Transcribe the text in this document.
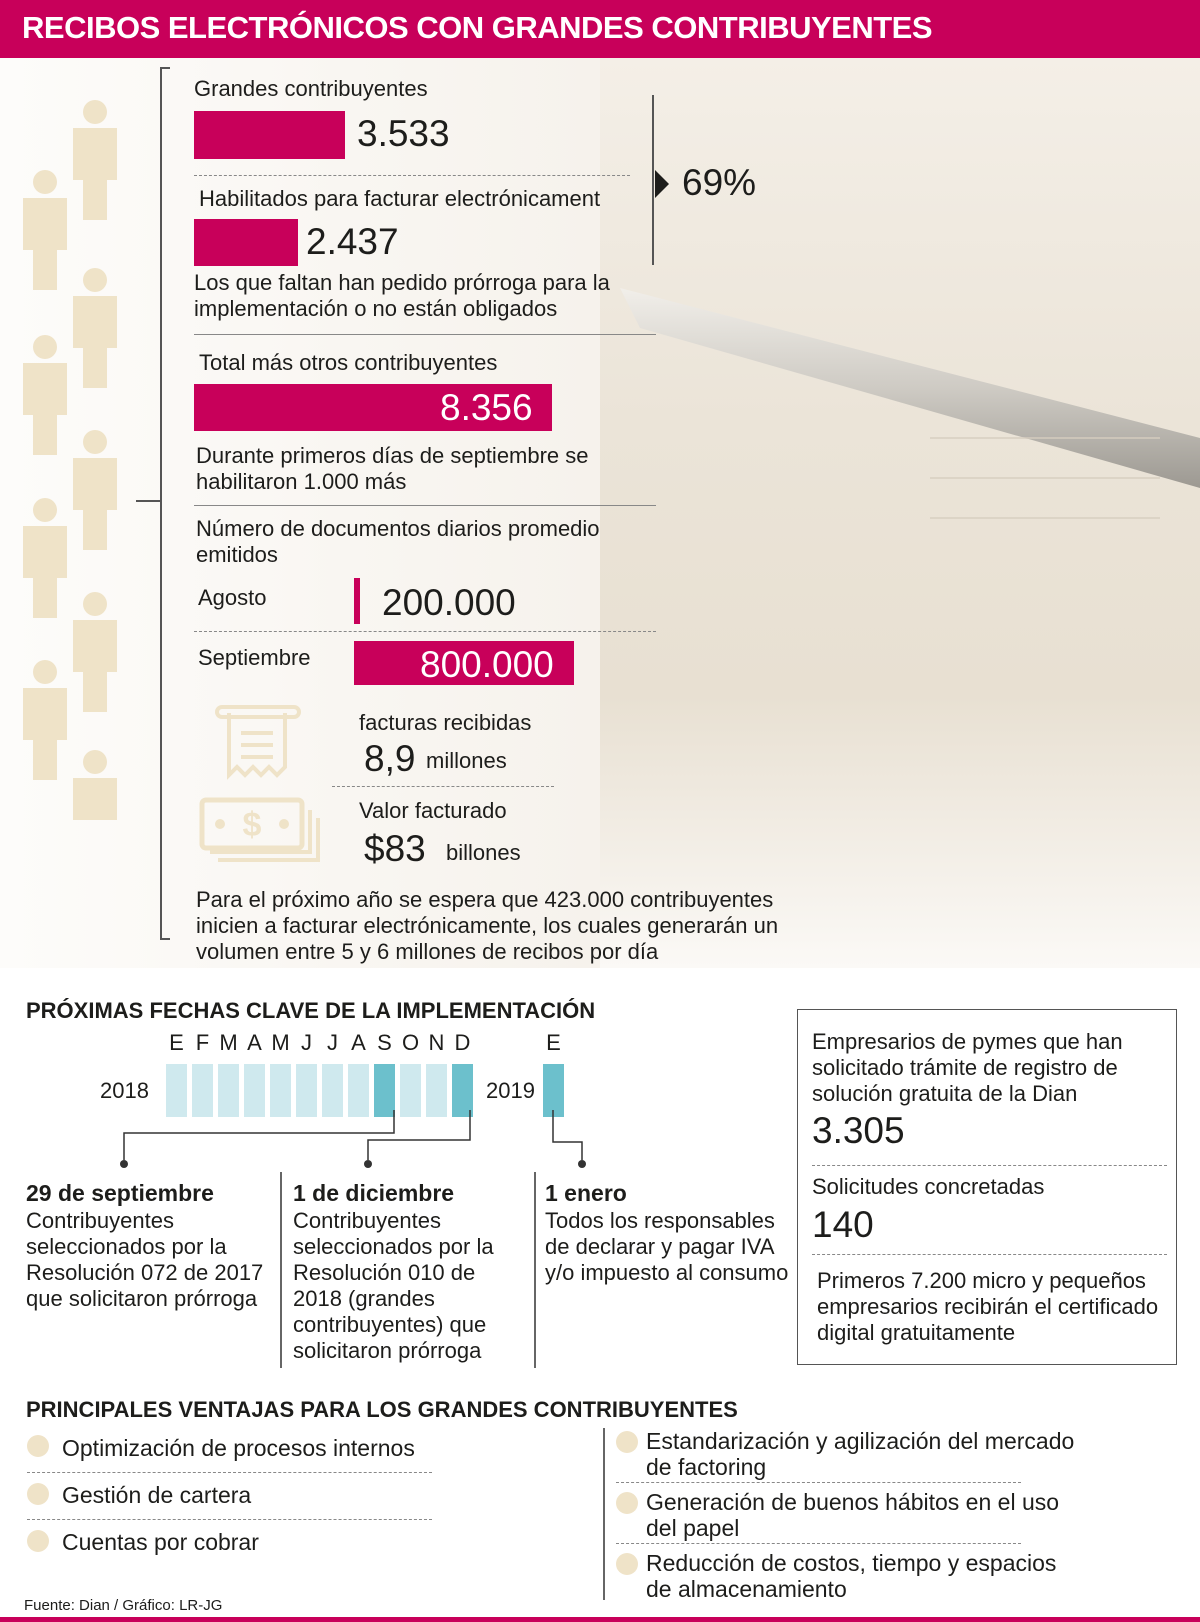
RECIBOS ELECTRÓNICOS CON GRANDES CONTRIBUYENTES
Grandes contribuyentes
3.533
Habilitados para facturar electrónicament
2.437
69%
Los que faltan han pedido prórroga para la implementación o no están obligados
Total más otros contribuyentes
8.356
Durante primeros días de septiembre se habilitaron 1.000 más
Número de documentos diarios promedio emitidos
Agosto	200.000
Septiembre	800.000
facturas recibidas
8,9 millones
$	Valor facturado
$83 billones
Para el próximo año se espera que 423.000 contribuyentes inicien a facturar electrónicamente, los cuales generarán un volumen entre 5 y 6 millones de recibos por día
PRÓXIMAS FECHAS CLAVE DE LA IMPLEMENTACIÓN
2018	2019
E F M A M J J A S O N D	E
29 de septiembre
Contribuyentes seleccionados por la Resolución 072 de 2017 que solicitaron prórroga
1 de diciembre
Contribuyentes seleccionados por la Resolución 010 de 2018 (grandes contribuyentes) que solicitaron prórroga
1 enero
Todos los responsables de declarar y pagar IVA y/o impuesto al consumo
Empresarios de pymes que han solicitado trámite de registro de solución gratuita de la Dian
3.305
Solicitudes concretadas
140
Primeros 7.200 micro y pequeños empresarios recibirán el certificado digital gratuitamente
PRINCIPALES VENTAJAS PARA LOS GRANDES CONTRIBUYENTES
Optimización de procesos internos
Gestión de cartera
Cuentas por cobrar
Estandarización y agilización del mercado de factoring
Generación de buenos hábitos en el uso del papel
Reducción de costos, tiempo y espacios de almacenamiento
Fuente: Dian / Gráfico: LR-JG
